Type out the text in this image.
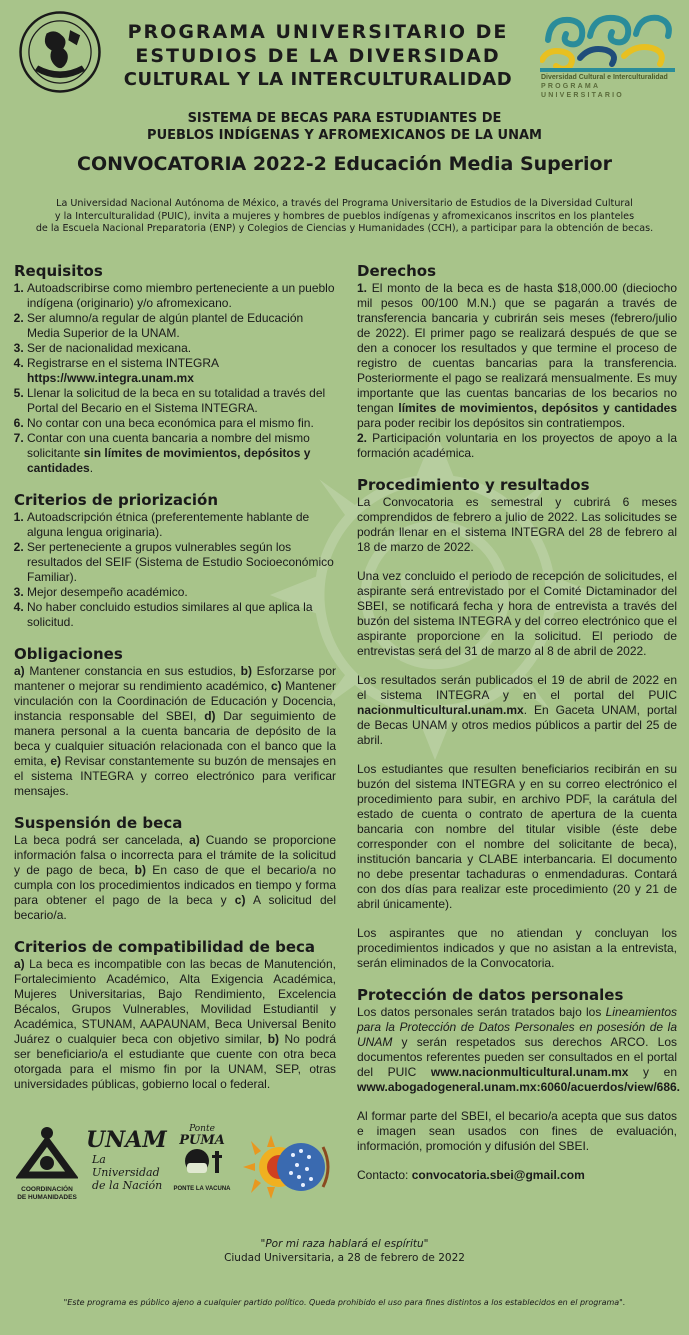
PROGRAMA UNIVERSITARIO DE
ESTUDIOS DE LA DIVERSIDAD
CULTURAL Y LA INTERCULTURALIDAD	Diversidad Cultural e Interculturalidad
PROGRAMA UNIVERSITARIO
SISTEMA DE BECAS PARA ESTUDIANTES DE
PUEBLOS INDÍGENAS Y AFROMEXICANOS DE LA UNAM
CONVOCATORIA 2022-2 Educación Media Superior
La Universidad Nacional Autónoma de México, a través del Programa Universitario de Estudios de la Diversidad Cultural
y la Interculturalidad (PUIC), invita a mujeres y hombres de pueblos indígenas y afromexicanos inscritos en los planteles
de la Escuela Nacional Preparatoria (ENP) y Colegios de Ciencias y Humanidades (CCH), a participar para la obtención de becas.
Requisitos
1. Autoadscribirse como miembro perteneciente a un pueblo indígena (originario) y/o afromexicano.
2. Ser alumno/a regular de algún plantel de Educación Media Superior de la UNAM.
3. Ser de nacionalidad mexicana.
4. Registrarse en el sistema INTEGRA
https://www.integra.unam.mx
5. Llenar la solicitud de la beca en su totalidad a través del Portal del Becario en el Sistema INTEGRA.
6. No contar con una beca económica para el mismo fin.
7. Contar con una cuenta bancaria a nombre del mismo solicitante sin límites de movimientos, depósitos y cantidades.
Criterios de priorización
1. Autoadscripción étnica (preferentemente hablante de alguna lengua originaria).
2. Ser perteneciente a grupos vulnerables según los resultados del SEIF (Sistema de Estudio Socioeconómico Familiar).
3. Mejor desempeño académico.
4. No haber concluido estudios similares al que aplica la solicitud.
Obligaciones

a) Mantener constancia en sus estudios, b) Esforzarse por mantener o mejorar su rendimiento académico, c) Mantener vinculación con la Coordinación de Educación y Docencia, instancia responsable del SBEI, d) Dar seguimiento de manera personal a la cuenta bancaria de depósito de la beca y cualquier situación relacionada con el banco que la emita, e) Revisar constantemente su buzón de mensajes en el sistema INTEGRA y correo electrónico para verificar mensajes.

Suspensión de beca

La beca podrá ser cancelada, a) Cuando se proporcione información falsa o incorrecta para el trámite de la solicitud y de pago de beca, b) En caso de que el becario/a no cumpla con los procedimientos indicados en tiempo y forma para obtener el pago de la beca y c) A solicitud del becario/a.

Criterios de compatibilidad de beca

a) La beca es incompatible con las becas de Manutención, Fortalecimiento Académico, Alta Exigencia Académica, Mujeres Universitarias, Bajo Rendimiento, Excelencia Bécalos, Grupos Vulnerables, Movilidad Estudiantil y Académica, STUNAM, AAPAUNAM, Beca Universal Benito Juárez o cualquier beca con objetivo similar, b) No podrá ser beneficiario/a el estudiante que cuente con otra beca otorgada para el mismo fin por la UNAM, SEP, otras universidades públicas, gobierno local o federal.

Derechos

1. El monto de la beca es de hasta $18,000.00 (dieciocho mil pesos 00/100 M.N.) que se pagarán a través de transferencia bancaria y cubrirán seis meses (febrero/julio de 2022). El primer pago se realizará después de que se den a conocer los resultados y que termine el proceso de registro de cuentas bancarias para la transferencia. Posteriormente el pago se realizará mensualmente. Es muy importante que las cuentas bancarias de los becarios no tengan límites de movimientos, depósitos y cantidades para poder recibir los depósitos sin contratiempos.

2. Participación voluntaria en los proyectos de apoyo a la formación académica.

Procedimiento y resultados

La Convocatoria es semestral y cubrirá 6 meses comprendidos de febrero a julio de 2022. Las solicitudes se podrán llenar en el sistema INTEGRA del 28 de febrero al 18 de marzo de 2022.

Una vez concluido el periodo de recepción de solicitudes, el aspirante será entrevistado por el Comité Dictaminador del SBEI, se notificará fecha y hora de entrevista a través del buzón del sistema INTEGRA y del correo electrónico que el aspirante proporcione en la solicitud. El periodo de entrevistas será del 31 de marzo al 8 de abril de 2022.

Los resultados serán publicados el 19 de abril de 2022 en el sistema INTEGRA y en el portal del PUIC nacionmulticultural.unam.mx. En Gaceta UNAM, portal de Becas UNAM y otros medios públicos a partir del 25 de abril.

Los estudiantes que resulten beneficiarios recibirán en su buzón del sistema INTEGRA y en su correo electrónico el procedimiento para subir, en archivo PDF, la carátula del estado de cuenta o contrato de apertura de la cuenta bancaria con nombre del titular visible (éste debe corresponder con el nombre del solicitante de beca), institución bancaria y CLABE interbancaria. El documento no debe presentar tachaduras o enmendaduras. Contará con dos días para realizar este procedimiento (20 y 21 de abril únicamente).

Los aspirantes que no atiendan y concluyan los procedimientos indicados y que no asistan a la entrevista, serán eliminados de la Convocatoria.

Protección de datos personales

Los datos personales serán tratados bajo los Lineamientos para la Protección de Datos Personales en posesión de la UNAM y serán respetados sus derechos ARCO. Los documentos referentes pueden ser consultados en el portal del PUIC www.nacionmulticultural.unam.mx y en www.abogadogeneral.unam.mx:6060/acuerdos/view/686.

Al formar parte del SBEI, el becario/a acepta que sus datos e imagen sean usados con fines de evaluación, información, promoción y difusión del SBEI.

Contacto: convocatoria.sbei@gmail.com

COORDINACIÓN
DE HUMANIDADES
UNAM
La Universidad
de la Nación
Ponte
PUMA
PONTE LA VACUNA
"Por mi raza hablará el espíritu"
Ciudad Universitaria, a 28 de febrero de 2022
"Este programa es público ajeno a cualquier partido político. Queda prohibido el uso para fines distintos a los establecidos en el programa".
